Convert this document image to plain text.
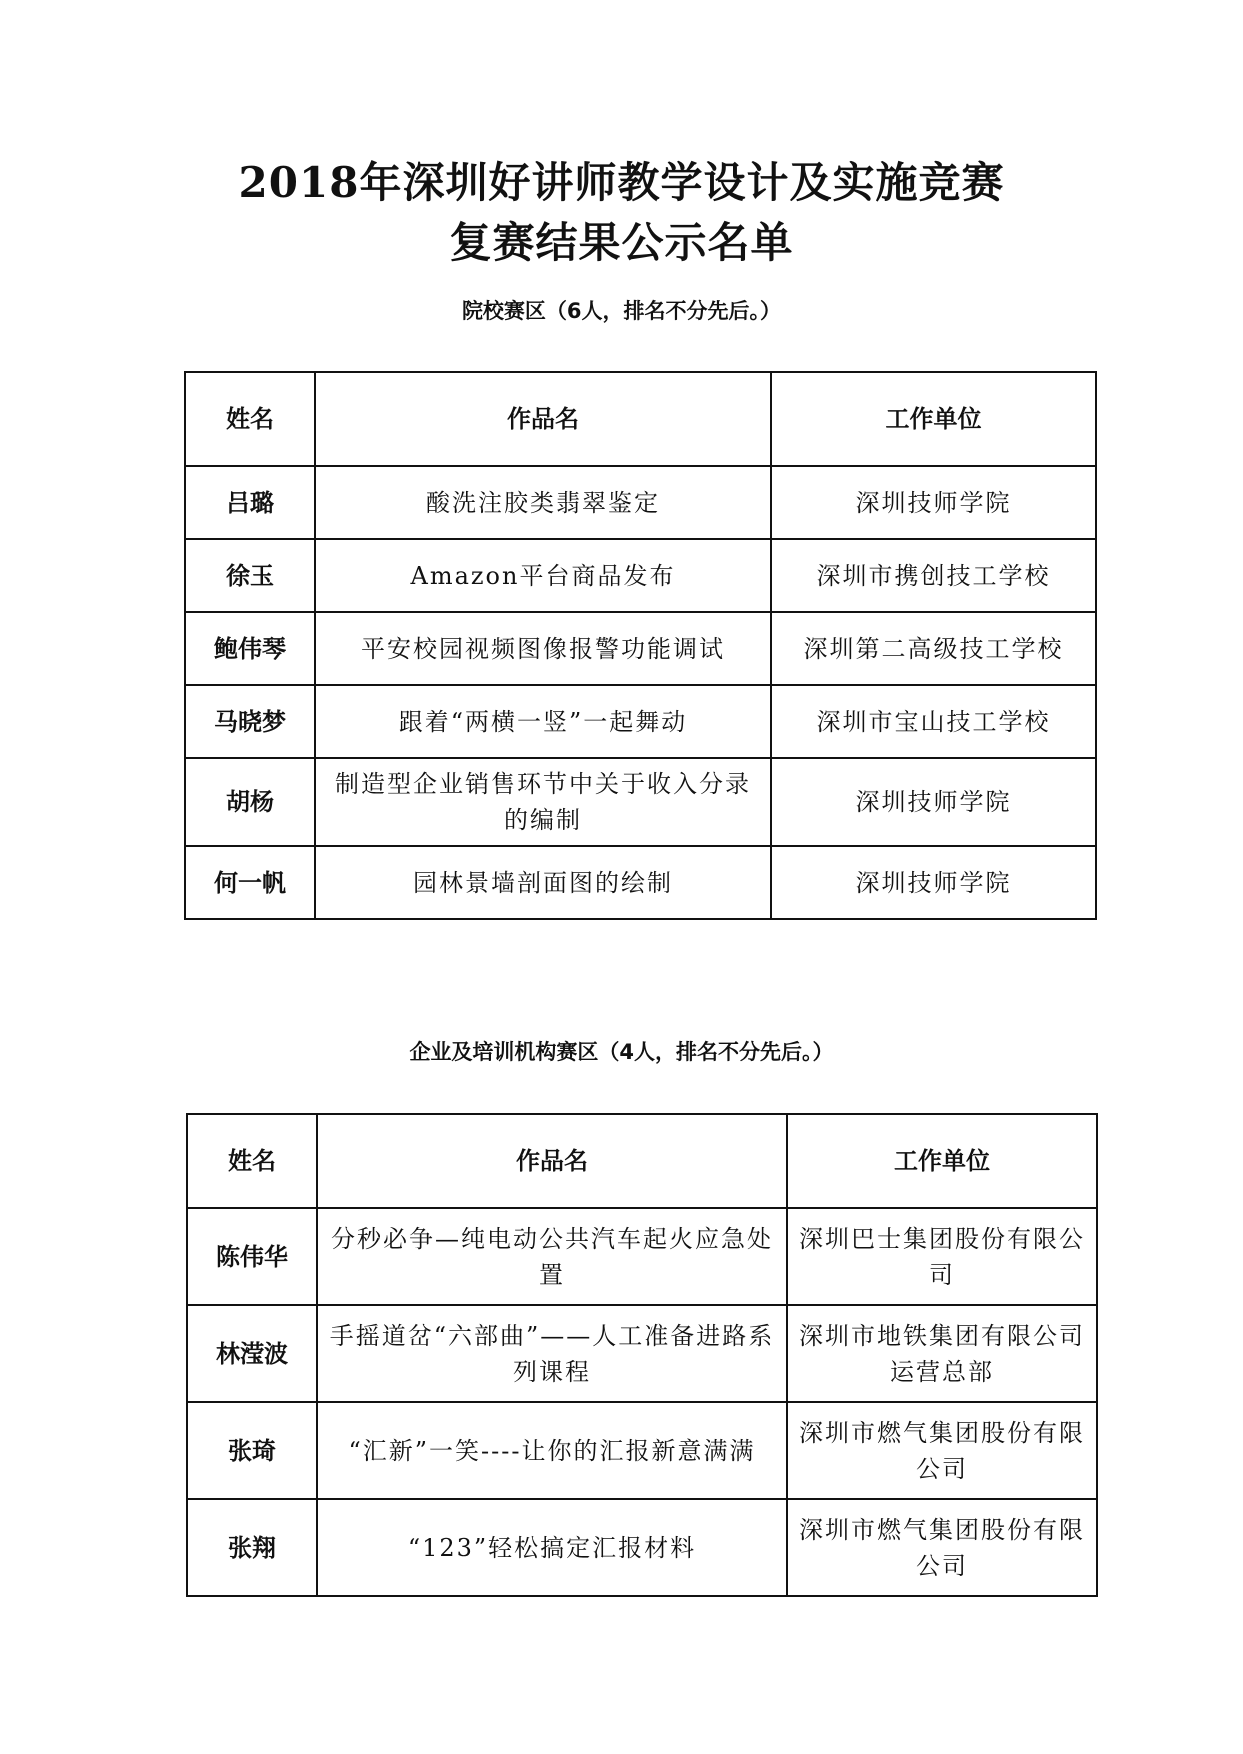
2018年深圳好讲师教学设计及实施竞赛
复赛结果公示名单
院校赛区（6人，排名不分先后。）
姓名	作品名	工作单位
吕璐	酸洗注胶类翡翠鉴定	深圳技师学院
徐玉	Amazon平台商品发布	深圳市携创技工学校
鲍伟琴	平安校园视频图像报警功能调试	深圳第二高级技工学校
马晓梦	跟着“两横一竖”一起舞动	深圳市宝山技工学校
胡杨	制造型企业销售环节中关于收入分录的编制	深圳技师学院
何一帆	园林景墙剖面图的绘制	深圳技师学院
企业及培训机构赛区（4人，排名不分先后。）
姓名	作品名	工作单位
陈伟华	分秒必争—纯电动公共汽车起火应急处置	深圳巴士集团股份有限公司
林滢波	手摇道岔“六部曲”——人工准备进路系列课程	深圳市地铁集团有限公司运营总部
张琦	“汇新”一笑----让你的汇报新意满满	深圳市燃气集团股份有限公司
张翔	“123”轻松搞定汇报材料	深圳市燃气集团股份有限公司
